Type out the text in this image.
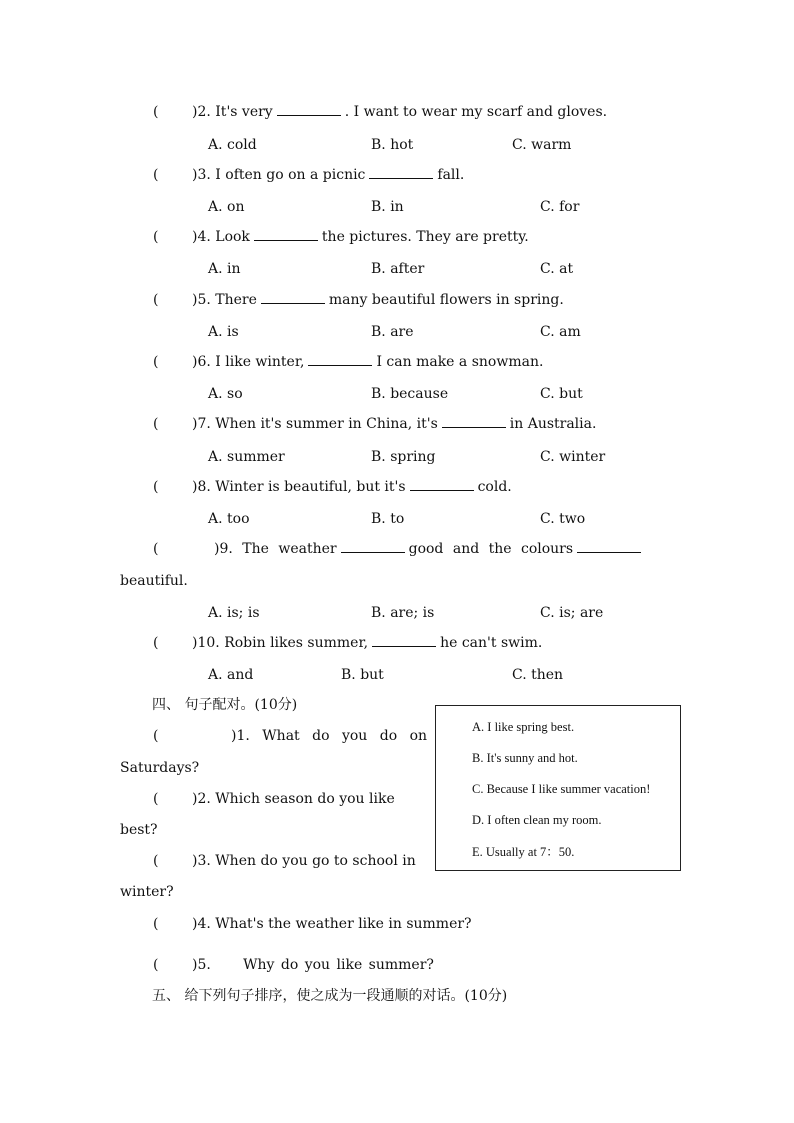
( )2. It's very	. I want to wear my scarf and gloves.
A. cold	B. hot	C. warm
( )3. I often go on a picnic	fall.
A. on	B. in	C. for
( )4. Look	the pictures. They are pretty.
A. in	B. after	C. at
( )5. There	many beautiful flowers in spring.
A. is	B. are	C. am
( )6. I like winter,	I can make a snowman.
A. so	B. because	C. but
( )7. When it's summer in China, it's	in Australia.
A. summer	B. spring	C. winter
( )8. Winter is beautiful, but it's	cold.
A. too	B. to	C. two
(	)9. The weather	good and the colours
beautiful.
A. is; is	B. are; is	C. is; are
( )10. Robin likes summer,	he can't swim.
A. and	B. but	C. then
四、 句子配对。(10分)
(	)1. What do you do on
Saturdays?
( )2. Which season do you like
best?
( )3. When do you go to school in
winter?
( )4. What's the weather like in summer?
( )5. Why do you like summer?
A. I like spring best.
B. It's sunny and hot.
C. Because I like summer vacation!
D. I often clean my room.
E. Usually at 7：50.
五、 给下列句子排序，使之成为一段通顺的对话。(10分)
